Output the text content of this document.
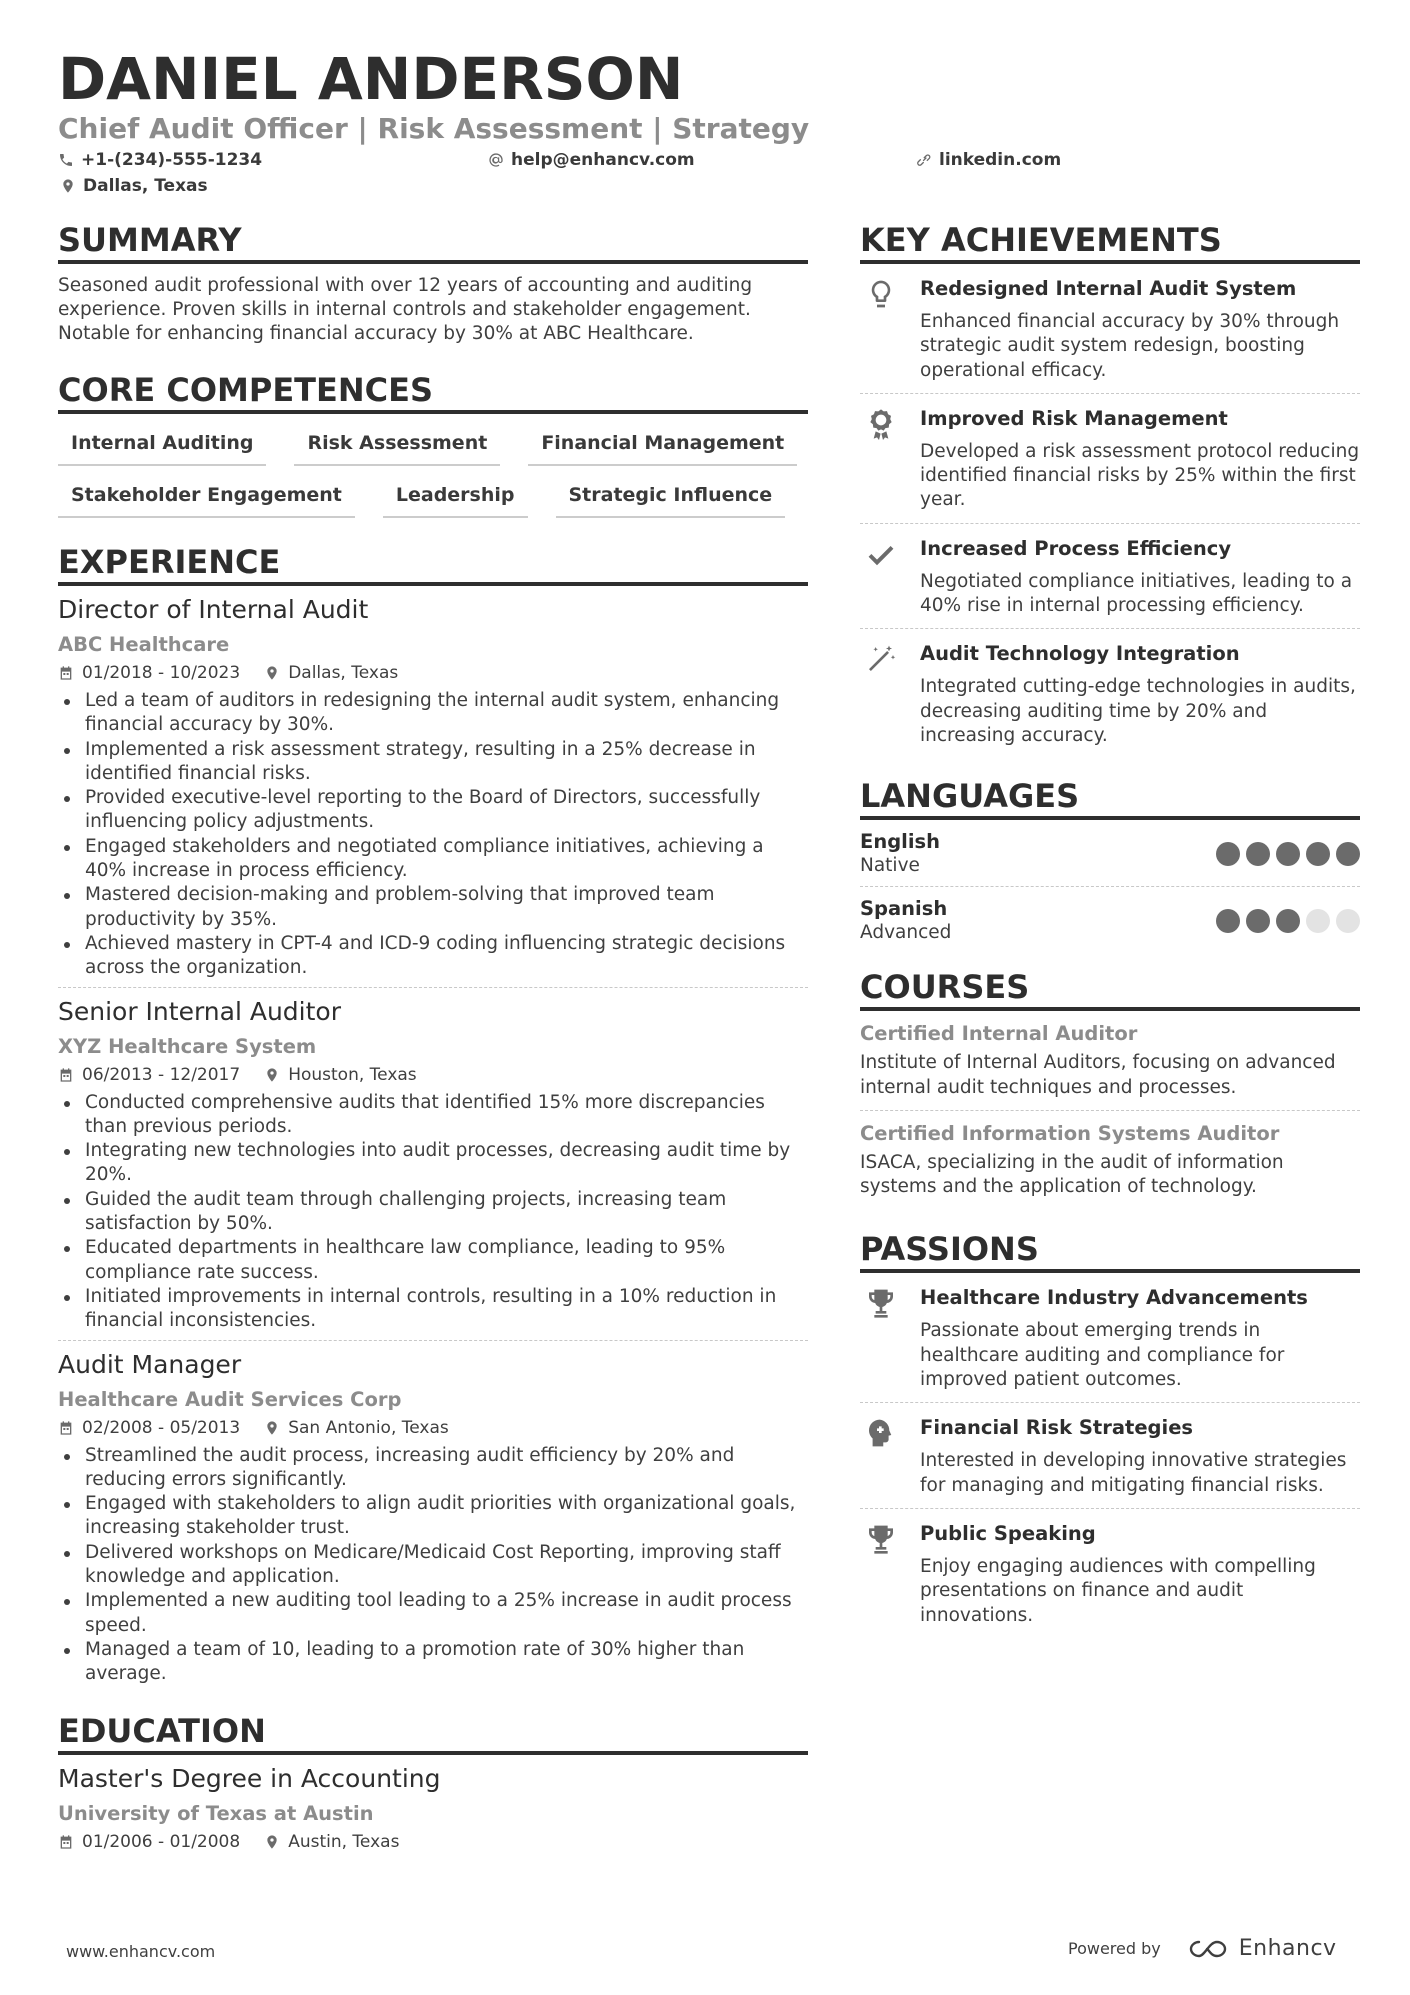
DANIEL ANDERSON
Chief Audit Officer | Risk Assessment | Strategy
+1-(234)-555-1234	help@enhancv.com	linkedin.com
Dallas, Texas
SUMMARY
Seasoned audit professional with over 12 years of accounting and auditing experience. Proven skills in internal controls and stakeholder engagement. Notable for enhancing financial accuracy by 30% at ABC Healthcare.
CORE COMPETENCES
Internal Auditing	Risk Assessment	Financial Management
Stakeholder Engagement	Leadership	Strategic Influence
EXPERIENCE
Director of Internal Audit
ABC Healthcare
01/2018 - 10/2023	Dallas, Texas
Led a team of auditors in redesigning the internal audit system, enhancing financial accuracy by 30%.
Implemented a risk assessment strategy, resulting in a 25% decrease in identified financial risks.
Provided executive-level reporting to the Board of Directors, successfully influencing policy adjustments.
Engaged stakeholders and negotiated compliance initiatives, achieving a 40% increase in process efficiency.
Mastered decision-making and problem-solving that improved team productivity by 35%.
Achieved mastery in CPT-4 and ICD-9 coding influencing strategic decisions across the organization.
Senior Internal Auditor
XYZ Healthcare System
06/2013 - 12/2017	Houston, Texas
Conducted comprehensive audits that identified 15% more discrepancies than previous periods.
Integrating new technologies into audit processes, decreasing audit time by 20%.
Guided the audit team through challenging projects, increasing team satisfaction by 50%.
Educated departments in healthcare law compliance, leading to 95% compliance rate success.
Initiated improvements in internal controls, resulting in a 10% reduction in financial inconsistencies.
Audit Manager
Healthcare Audit Services Corp
02/2008 - 05/2013	San Antonio, Texas
Streamlined the audit process, increasing audit efficiency by 20% and reducing errors significantly.
Engaged with stakeholders to align audit priorities with organizational goals, increasing stakeholder trust.
Delivered workshops on Medicare/Medicaid Cost Reporting, improving staff knowledge and application.
Implemented a new auditing tool leading to a 25% increase in audit process speed.
Managed a team of 10, leading to a promotion rate of 30% higher than average.
EDUCATION
Master's Degree in Accounting
University of Texas at Austin
01/2006 - 01/2008	Austin, Texas
KEY ACHIEVEMENTS
Redesigned Internal Audit System
Enhanced financial accuracy by 30% through strategic audit system redesign, boosting operational efficacy.
Improved Risk Management
Developed a risk assessment protocol reducing identified financial risks by 25% within the first year.
Increased Process Efficiency
Negotiated compliance initiatives, leading to a 40% rise in internal processing efficiency.
Audit Technology Integration
Integrated cutting-edge technologies in audits, decreasing auditing time by 20% and increasing accuracy.
LANGUAGES
English
Native
Spanish
Advanced
COURSES
Certified Internal Auditor
Institute of Internal Auditors, focusing on advanced internal audit techniques and processes.
Certified Information Systems Auditor
ISACA, specializing in the audit of information systems and the application of technology.
PASSIONS
Healthcare Industry Advancements
Passionate about emerging trends in healthcare auditing and compliance for improved patient outcomes.
Financial Risk Strategies
Interested in developing innovative strategies for managing and mitigating financial risks.
Public Speaking
Enjoy engaging audiences with compelling presentations on finance and audit innovations.
www.enhancv.com	Powered by	Enhancv
